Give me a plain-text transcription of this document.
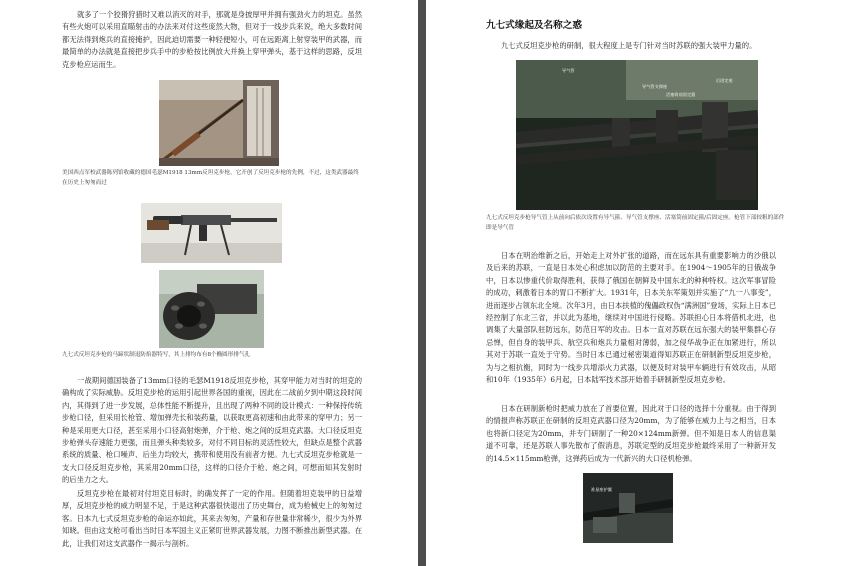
就多了一个狡猾狩猎时又难以消灭的对手，那就是身披厚甲并拥有强劲火力的坦克。虽然有些火炮可以采用直瞄射击的办法来对付这些庞然大物，但对于一线步兵来说，绝大多数时间都无法得到炮兵的直接掩护，因此迫切需要一种轻便短小，可在远距离上射穿装甲的武器，而最简单的办法就是直接把步兵手中的步枪按比例放大并换上穿甲弹头，基于这样的思路，反坦克步枪应运而生。

美国西点军校武器陈列馆收藏的德国毛瑟M1918 13mm反坦克步枪，它开创了反坦克步枪的先例，不过，这类武器最终在历史上匆匆而过
九七式反坦克步枪的马蹄状制退防焰器特写，其上排均布有8个椭圆形排气孔

一战期间德国装备了13mm口径的毛瑟M1918反坦克步枪，其穿甲能力对当时的坦克的确构成了实际威胁。反坦克步枪的运用引起世界各国的重视，因此在二战前夕到中期这段时间内，其得到了进一步发展，总体性能不断提升，且出现了两种不同的设计模式：一种保持传统步枪口径，但采用长枪管、增加弹壳长和装药量，以获取更高初速和由此带来的穿甲力；另一种是采用更大口径，甚至采用小口径高射炮弹，介于枪、炮之间的反坦克武器。大口径反坦克步枪弹头存速能力更强，而且弹头种类较多，对付不同目标的灵活性较大，但缺点是整个武器系统的质量、枪口噪声、后坐力均较大，携带和使用没有前者方便。九七式反坦克步枪就是一支大口径反坦克步枪，其采用20mm口径，这样的口径介于枪、炮之间，可想而知其发射时的后坐力之大。

反坦克步枪在最初对付坦克目标时，的确发挥了一定的作用。但随着坦克装甲的日益增厚，反坦克步枪的威力明显不足，于是这种武器很快退出了历史舞台，成为枪械史上的匆匆过客。日本九七式反坦克步枪的命运亦如此，其来去匆匆，产量和存世量非常稀少，很少为外界知晓。但由这支枪可看出当时日本军国主义正紧盯世界武器发展，力图不断推出新型武器。在此，让我们对这支武器作一揭示与剖析。

九七式缘起及名称之惑

九七式反坦克步枪的研制，很大程度上是专门针对当时苏联的强大装甲力量的。

导气管
导气管支撑座
活塞筒前固定箍
后固定座
九七式反坦克步枪导气管上从前向后依次设置有导气箍、导气管支撑座、活塞筒前固定箍/后固定座。枪管下部较粗的部件即是导气管

日本在明治维新之后，开始走上对外扩张的道路，而在远东具有重要影响力的沙俄以及后来的苏联，一直是日本处心积虑加以防范的主要对手。在1904～1905年的日俄战争中，日本以惨重代价取得胜利，获得了俄国在朝鲜及中国东北的种种特权。这次军事冒险的成功，刺激着日本的胃口不断扩大。1931年，日本关东军策划并实施了“九一八事变”，进而逐步占领东北全境。次年3月，由日本扶植的傀儡政权伪“满洲国”登场，实际上日本已经控制了东北三省，并以此为基地，继续对中国进行侵略。苏联担心日本将借机北进，也调集了大量部队驻防远东，防范日军的攻击。日本一直对苏联在远东强大的装甲集群心存忌惮，但自身的装甲兵、航空兵和炮兵力量相对薄弱，加之侵华战争正在加紧进行，所以其对于苏联一直处于守势。当时日本已通过秘密渠道得知苏联正在研制新型反坦克步枪，为与之相抗衡，同时为一线步兵增添火力武器，以便及时对装甲车辆进行有效攻击，从昭和10年（1935年）6月起，日本陆军技术部开始着手研制新型反坦克步枪。

日本在研制新枪时把威力放在了首要位置，因此对于口径的选择十分重视。由于得到的情报声称苏联正在研制的反坦克武器口径为20mm，为了能够在威力上与之相当，日本也将新口径定为20mm，并专门研制了一种20×124mm新弹。但不知是日本人的信息渠道不可靠，还是苏联人事先散布了假消息，苏联定型的反坦克步枪最终采用了一种新开发的14.5×115mm枪弹，这弹药后成为一代新兴的大口径机枪弹。

准星座护翼
